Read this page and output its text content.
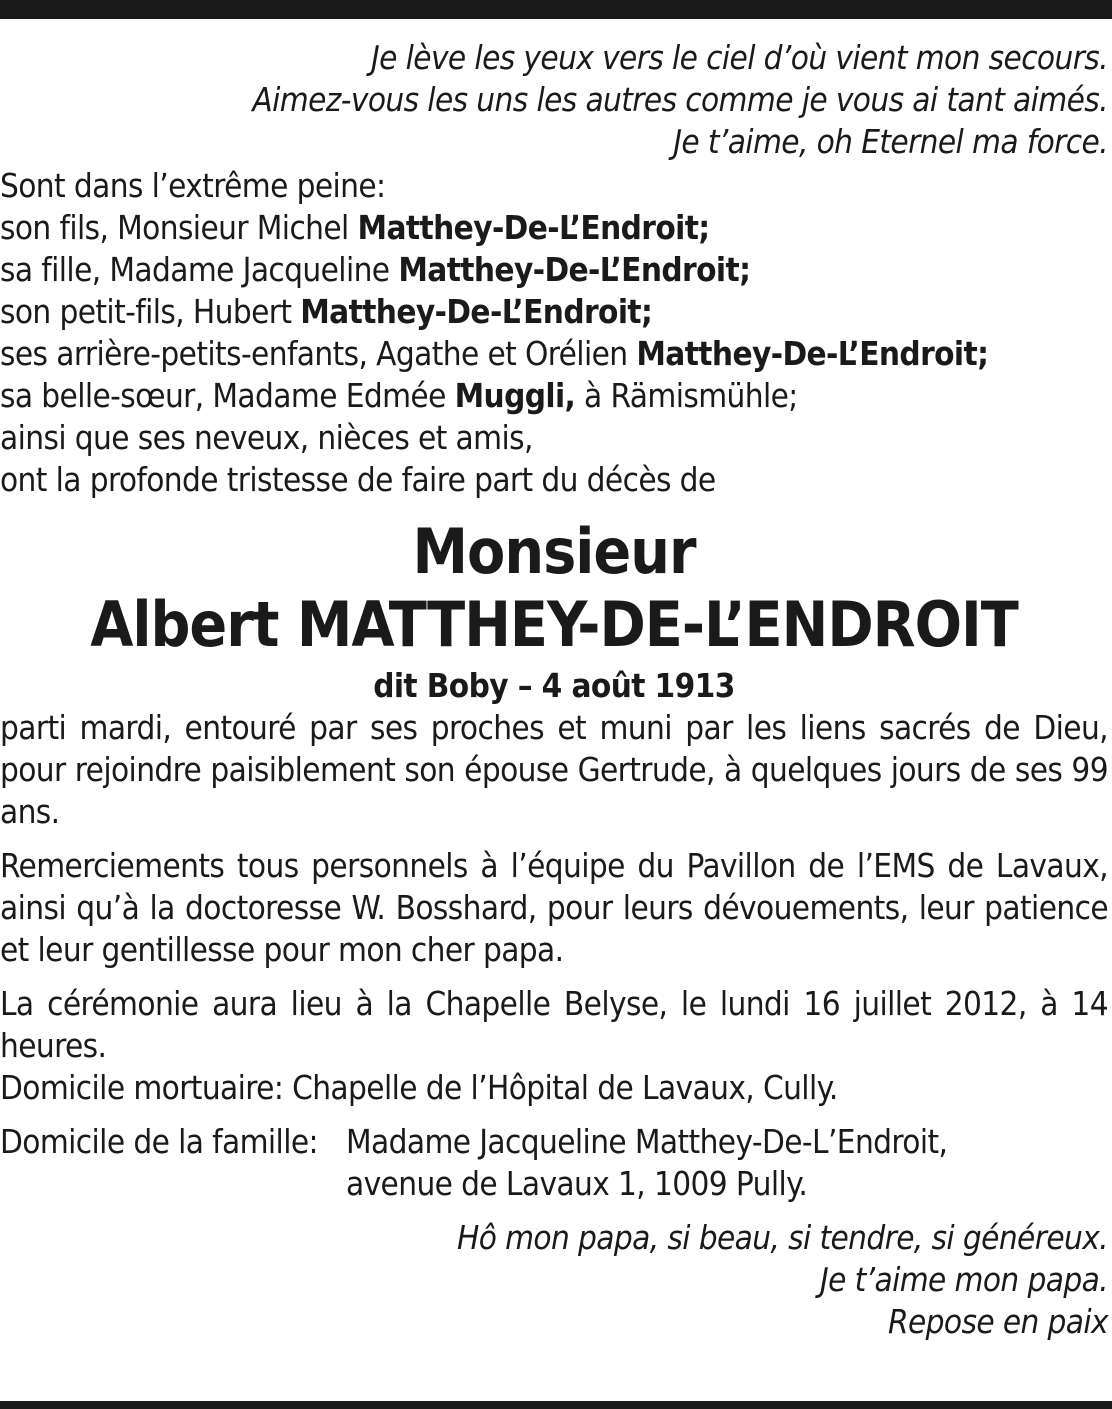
Je lève les yeux vers le ciel d’où vient mon secours.
Aimez-vous les uns les autres comme je vous ai tant aimés.
Je t’aime, oh Eternel ma force.
Sont dans l’extrême peine:
son fils, Monsieur Michel Matthey-De-L’Endroit;
sa fille, Madame Jacqueline Matthey-De-L’Endroit;
son petit-fils, Hubert Matthey-De-L’Endroit;
ses arrière-petits-enfants, Agathe et Orélien Matthey-De-L’Endroit;
sa belle-sœur, Madame Edmée Muggli, à Rämismühle;
ainsi que ses neveux, nièces et amis,
ont la profonde tristesse de faire part du décès de
Monsieur
Albert MATTHEY-DE-L’ENDROIT
dit Boby – 4 août 1913
parti mardi, entouré par ses proches et muni par les liens sacrés de Dieu, pour rejoindre paisiblement son épouse Gertrude, à quelques jours de ses 99 ans.
Remerciements tous personnels à l’équipe du Pavillon de l’EMS de Lavaux, ainsi qu’à la doctoresse W. Bosshard, pour leurs dévouements, leur patience et leur gentillesse pour mon cher papa.
La cérémonie aura lieu à la Chapelle Belyse, le lundi 16 juillet 2012, à 14 heures.
Domicile mortuaire: Chapelle de l’Hôpital de Lavaux, Cully.
Domicile de la famille: Madame Jacqueline Matthey-De-L’Endroit,
avenue de Lavaux 1, 1009 Pully.
Hô mon papa, si beau, si tendre, si généreux.
Je t’aime mon papa.
Repose en paix
